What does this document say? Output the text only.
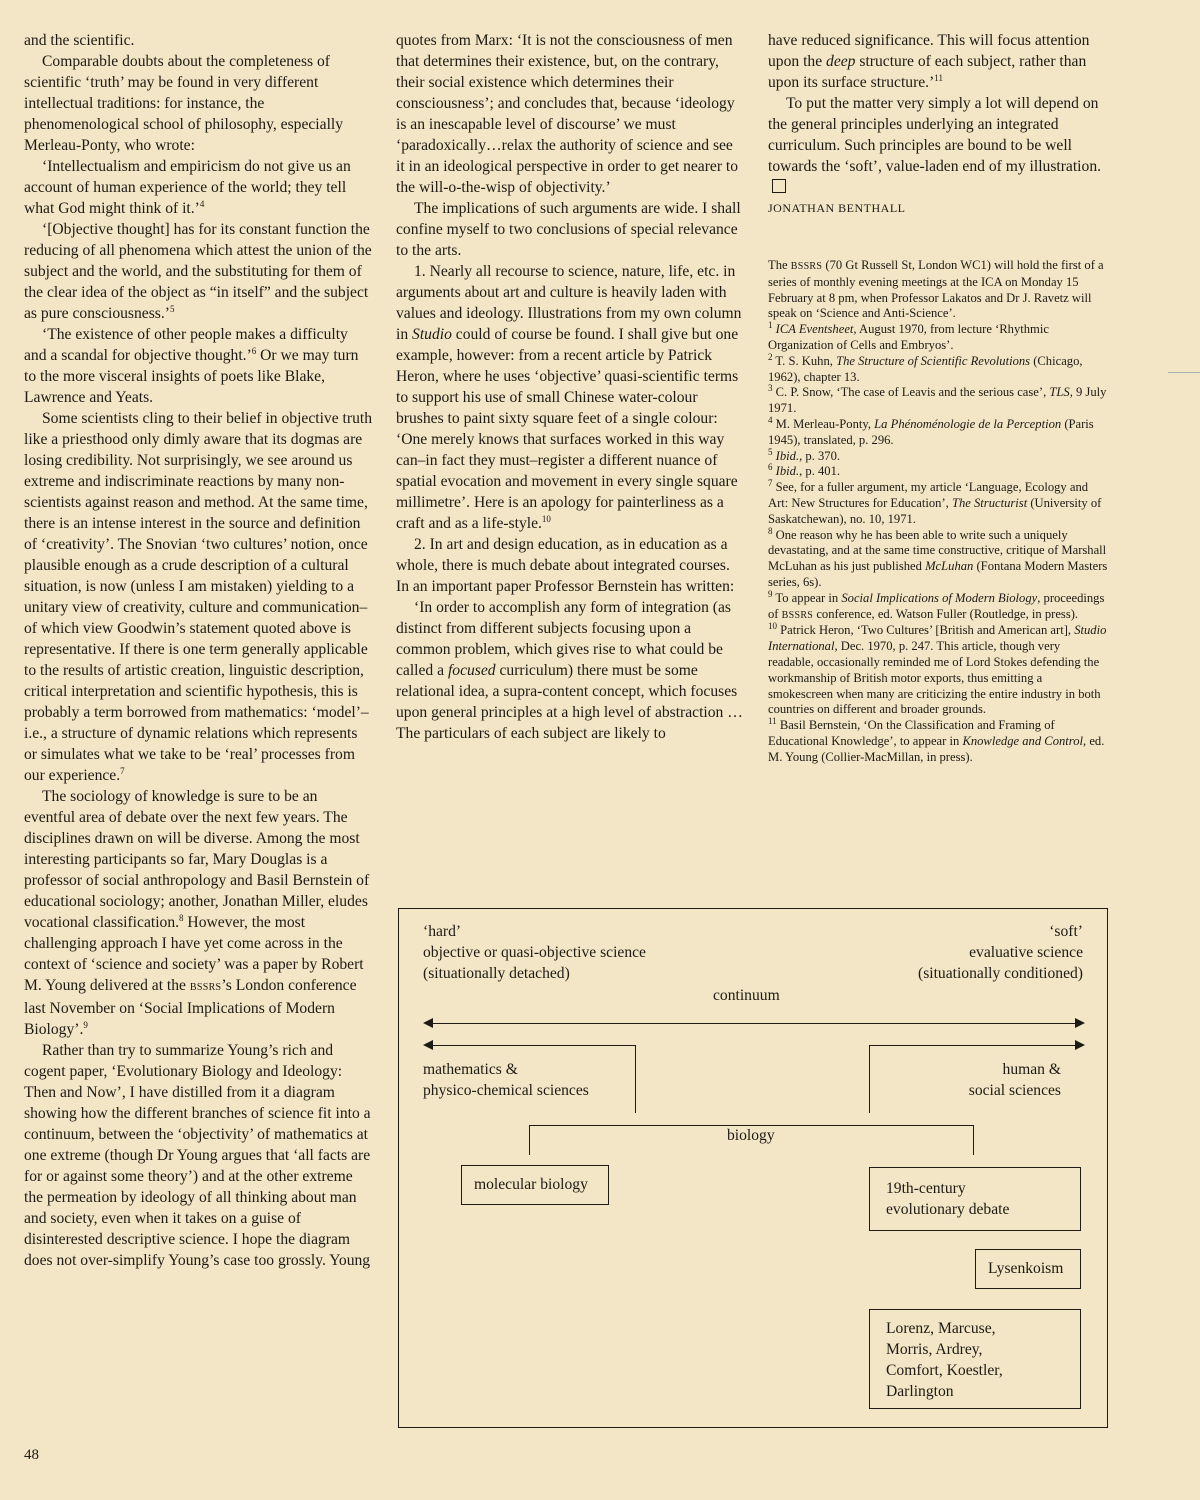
and the scientific.

Comparable doubts about the completeness of scientific ‘truth’ may be found in very different intellectual traditions: for instance, the phenomenological school of philosophy, especially Merleau-Ponty, who wrote:

‘Intellectualism and empiricism do not give us an account of human experience of the world; they tell what God might think of it.’$^4$

‘[Objective thought] has for its constant function the reducing of all phenomena which attest the union of the subject and the world, and the substituting for them of the clear idea of the object as “in itself” and the subject as pure consciousness.’$^5$

‘The existence of other people makes a difficulty and a scandal for objective thought.’$^6$ Or we may turn to the more visceral insights of poets like Blake, Lawrence and Yeats.

Some scientists cling to their belief in objective truth like a priesthood only dimly aware that its dogmas are losing credibility. Not surprisingly, we see around us extreme and indiscriminate reactions by many non-scientists against reason and method. At the same time, there is an intense interest in the source and definition of ‘creativity’. The Snovian ‘two cultures’ notion, once plausible enough as a crude description of a cultural situation, is now (unless I am mistaken) yielding to a unitary view of creativity, culture and communication–of which view Goodwin’s statement quoted above is representative. If there is one term generally applicable to the results of artistic creation, linguistic description, critical interpretation and scientific hypothesis, this is probably a term borrowed from mathematics: ‘model’–i.e., a structure of dynamic relations which represents or simulates what we take to be ‘real’ processes from our experience.$^7$

The sociology of knowledge is sure to be an eventful area of debate over the next few years. The disciplines drawn on will be diverse. Among the most interesting participants so far, Mary Douglas is a professor of social anthropology and Basil Bernstein of educational sociology; another, Jonathan Miller, eludes vocational classification.$^8$ However, the most challenging approach I have yet come across in the context of ‘science and society’ was a paper by Robert M. Young delivered at the BSSRS’s London conference last November on ‘Social Implications of Modern Biology’.$^9$

Rather than try to summarize Young’s rich and cogent paper, ‘Evolutionary Biology and Ideology: Then and Now’, I have distilled from it a diagram showing how the different branches of science fit into a continuum, between the ‘objectivity’ of mathematics at one extreme (though Dr Young argues that ‘all facts are for or against some theory’) and at the other extreme the permeation by ideology of all thinking about man and society, even when it takes on a guise of disinterested descriptive science. I hope the diagram does not over-simplify Young’s case too grossly. Young

quotes from Marx: ‘It is not the consciousness of men that determines their existence, but, on the contrary, their social existence which determines their consciousness’; and concludes that, because ‘ideology is an inescapable level of discourse’ we must ‘paradoxically…relax the authority of science and see it in an ideological perspective in order to get nearer to the will-o-the-wisp of objectivity.’

The implications of such arguments are wide. I shall confine myself to two conclusions of special relevance to the arts.

1. Nearly all recourse to science, nature, life, etc. in arguments about art and culture is heavily laden with values and ideology. Illustrations from my own column in Studio could of course be found. I shall give but one example, however: from a recent article by Patrick Heron, where he uses ‘objective’ quasi-scientific terms to support his use of small Chinese water-colour brushes to paint sixty square feet of a single colour: ‘One merely knows that surfaces worked in this way can–in fact they must–register a different nuance of spatial evocation and movement in every single square millimetre’. Here is an apology for painterliness as a craft and as a life-style.$^{10}$

2. In art and design education, as in education as a whole, there is much debate about integrated courses. In an important paper Professor Bernstein has written:

‘In order to accomplish any form of integration (as distinct from different subjects focusing upon a common problem, which gives rise to what could be called a focused curriculum) there must be some relational idea, a supra-content concept, which focuses upon general principles at a high level of abstraction …The particulars of each subject are likely to

have reduced significance. This will focus attention upon the deep structure of each subject, rather than upon its surface structure.’$^{11}$

To put the matter very simply a lot will depend on the general principles underlying an integrated curriculum. Such principles are bound to be well towards the ‘soft’, value-laden end of my illustration.

JONATHAN BENTHALL

The BSSRS (70 Gt Russell St, London WC1) will hold the first of a series of monthly evening meetings at the ICA on Monday 15 February at 8 pm, when Professor Lakatos and Dr J. Ravetz will speak on ‘Science and Anti-Science’.

$^1$ ICA Eventsheet, August 1970, from lecture ‘Rhythmic Organization of Cells and Embryos’.

$^2$ T. S. Kuhn, The Structure of Scientific Revolutions (Chicago, 1962), chapter 13.

$^3$ C. P. Snow, ‘The case of Leavis and the serious case’, TLS, 9 July 1971.

$^4$ M. Merleau-Ponty, La Phénoménologie de la Perception (Paris 1945), translated, p. 296.

$^5$ Ibid., p. 370.

$^6$ Ibid., p. 401.

$^7$ See, for a fuller argument, my article ‘Language, Ecology and Art: New Structures for Education’, The Structurist (University of Saskatchewan), no. 10, 1971.

$^8$ One reason why he has been able to write such a uniquely devastating, and at the same time constructive, critique of Marshall McLuhan as his just published McLuhan (Fontana Modern Masters series, 6s).

$^9$ To appear in Social Implications of Modern Biology, proceedings of BSSRS conference, ed. Watson Fuller (Routledge, in press).

$^{10}$ Patrick Heron, ‘Two Cultures’ [British and American art], Studio International, Dec. 1970, p. 247. This article, though very readable, occasionally reminded me of Lord Stokes defending the workmanship of British motor exports, thus emitting a smokescreen when many are criticizing the entire industry in both countries on different and broader grounds.

$^{11}$ Basil Bernstein, ‘On the Classification and Framing of Educational Knowledge’, to appear in Knowledge and Control, ed. M. Young (Collier-MacMillan, in press).

‘hard’
objective or quasi-objective science
(situationally detached)
‘soft’
evaluative science
(situationally conditioned)
continuum
mathematics &
physico-chemical sciences
human &
social sciences
biology
molecular biology	19th-century
evolutionary debate
Lysenkoism
Lorenz, Marcuse,
Morris, Ardrey,
Comfort, Koestler,
Darlington
48
